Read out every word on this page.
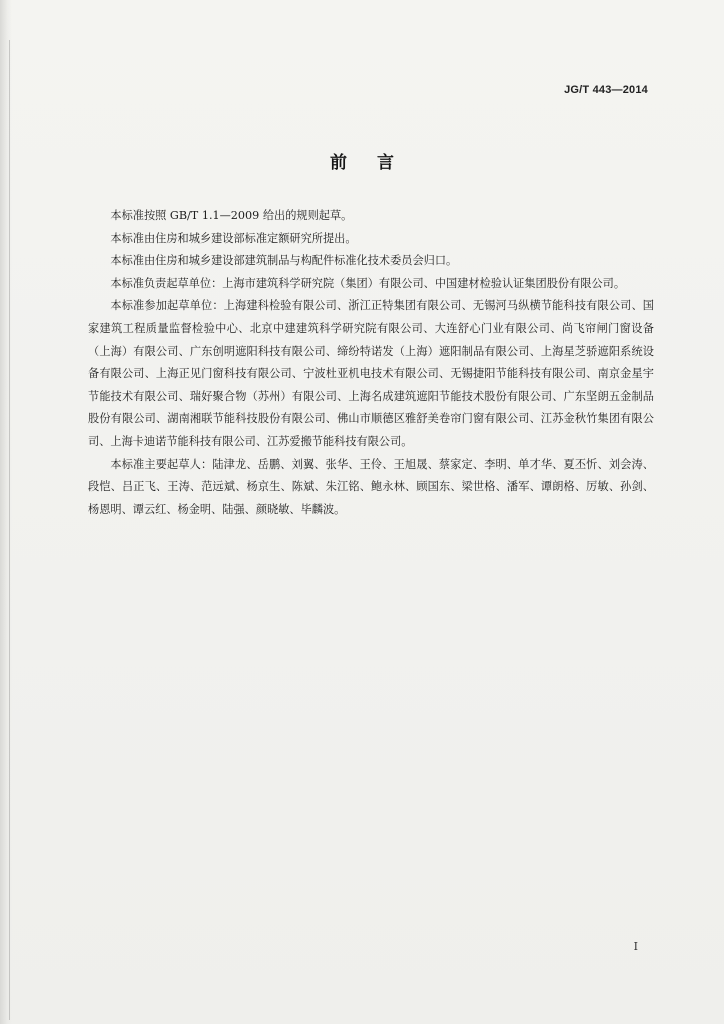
JG/T 443—2014
前言

本标准按照 GB/T 1.1—2009 给出的规则起草。

本标准由住房和城乡建设部标准定额研究所提出。

本标准由住房和城乡建设部建筑制品与构配件标准化技术委员会归口。

本标准负责起草单位：上海市建筑科学研究院（集团）有限公司、中国建材检验认证集团股份有限公司。

本标准参加起草单位：上海建科检验有限公司、浙江正特集团有限公司、无锡河马纵横节能科技有限公司、国家建筑工程质量监督检验中心、北京中建建筑科学研究院有限公司、大连舒心门业有限公司、尚飞帘闸门窗设备（上海）有限公司、广东创明遮阳科技有限公司、缔纷特诺发（上海）遮阳制品有限公司、上海星芝骄遮阳系统设备有限公司、上海正见门窗科技有限公司、宁波杜亚机电技术有限公司、无锡捷阳节能科技有限公司、南京金星宇节能技术有限公司、瑞好聚合物（苏州）有限公司、上海名成建筑遮阳节能技术股份有限公司、广东坚朗五金制品股份有限公司、湖南湘联节能科技股份有限公司、佛山市顺德区雅舒美卷帘门窗有限公司、江苏金秋竹集团有限公司、上海卡迪诺节能科技有限公司、江苏爱搬节能科技有限公司。

本标准主要起草人：陆津龙、岳鹏、刘翼、张华、王伶、王旭晟、蔡家定、李明、单才华、夏丕忻、刘会涛、段恺、吕正飞、王涛、范远斌、杨京生、陈斌、朱江铭、鲍永林、顾国东、梁世格、潘军、谭朗格、厉敏、孙剑、杨恩明、谭云红、杨金明、陆强、颜晓敏、毕麟波。

I
